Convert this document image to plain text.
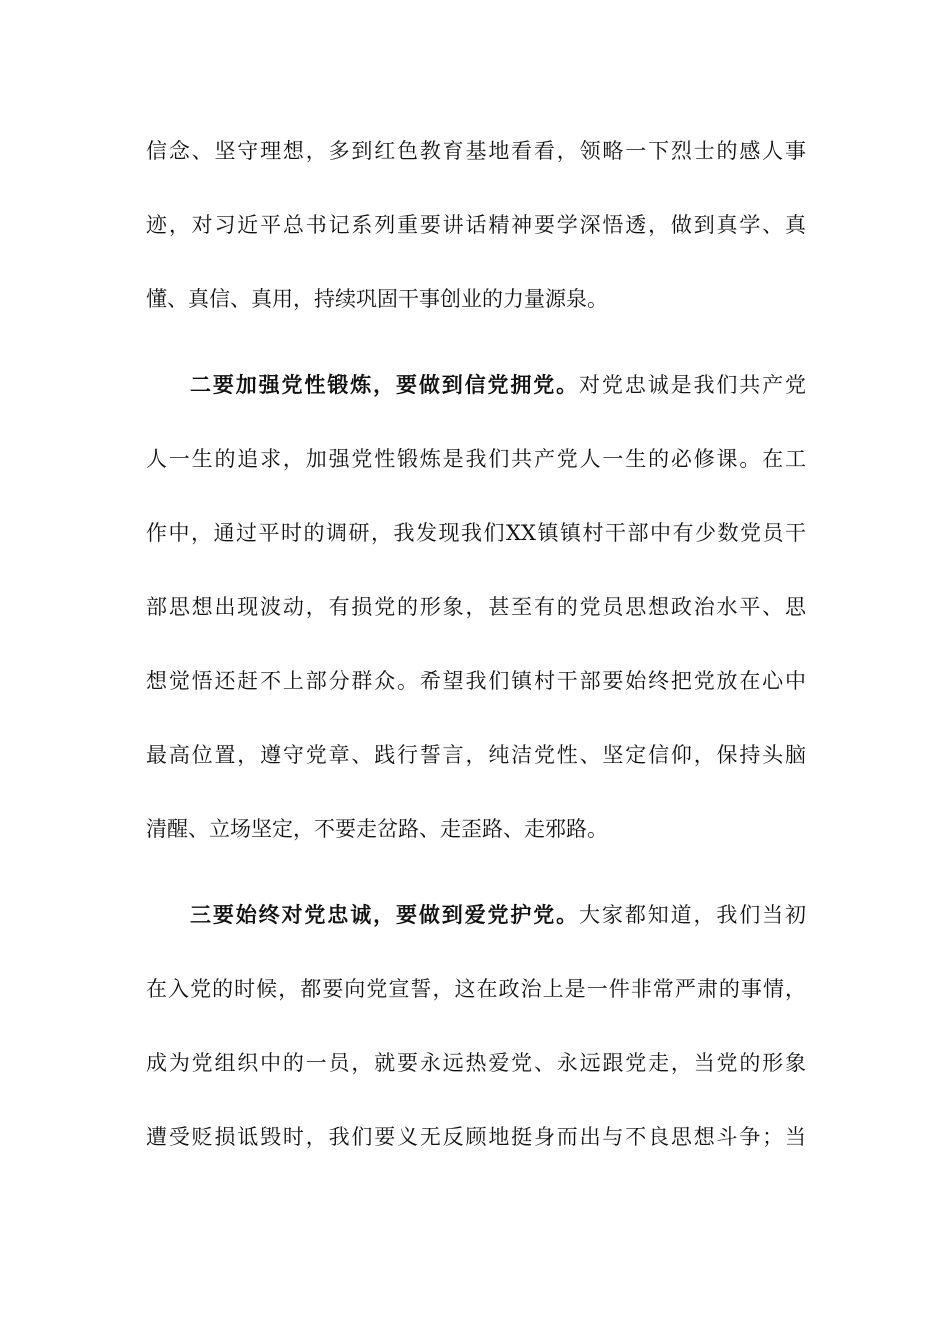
信念、坚守理想，多到红色教育基地看看，领略一下烈士的感人事
迹，对习近平总书记系列重要讲话精神要学深悟透，做到真学、真
懂、真信、真用，持续巩固干事创业的力量源泉。
二要加强党性锻炼，要做到信党拥党。对党忠诚是我们共产党
人一生的追求，加强党性锻炼是我们共产党人一生的必修课。在工
作中，通过平时的调研，我发现我们XX镇镇村干部中有少数党员干
部思想出现波动，有损党的形象，甚至有的党员思想政治水平、思
想觉悟还赶不上部分群众。希望我们镇村干部要始终把党放在心中
最高位置，遵守党章、践行誓言，纯洁党性、坚定信仰，保持头脑
清醒、立场坚定，不要走岔路、走歪路、走邪路。
三要始终对党忠诚，要做到爱党护党。大家都知道，我们当初
在入党的时候，都要向党宣誓，这在政治上是一件非常严肃的事情，
成为党组织中的一员，就要永远热爱党、永远跟党走，当党的形象
遭受贬损诋毁时，我们要义无反顾地挺身而出与不良思想斗争；当
